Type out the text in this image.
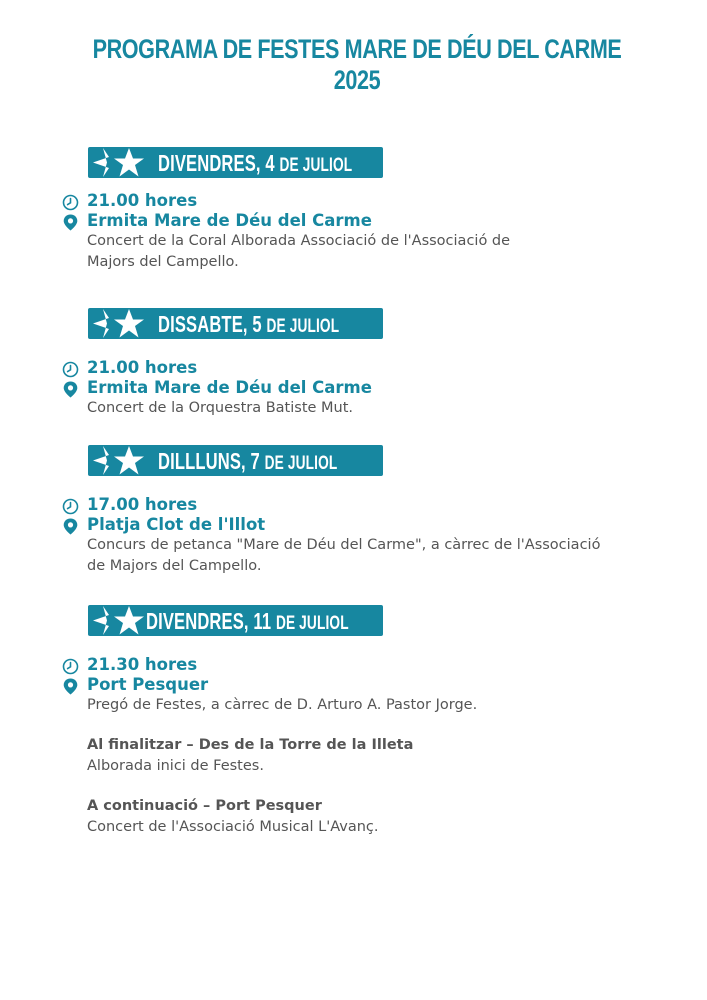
PROGRAMA DE FESTES MARE DE DÉU DEL CARME 2025
DIVENDRES, 4 DE JULIOL
21.00 hores
Ermita Mare de Déu del Carme
Concert de la Coral Alborada Associació de l'Associació de
Majors del Campello.
DISSABTE, 5 DE JULIOL
21.00 hores
Ermita Mare de Déu del Carme
Concert de la Orquestra Batiste Mut.
DILLLUNS, 7 DE JULIOL
17.00 hores
Platja Clot de l'Illot
Concurs de petanca "Mare de Déu del Carme", a càrrec de l'Associació
de Majors del Campello.
DIVENDRES, 11 DE JULIOL
21.30 hores
Port Pesquer
Pregó de Festes, a càrrec de D. Arturo A. Pastor Jorge.
Al finalitzar – Des de la Torre de la Illeta
Alborada inici de Festes.
A continuació – Port Pesquer
Concert de l'Associació Musical L'Avanç.
